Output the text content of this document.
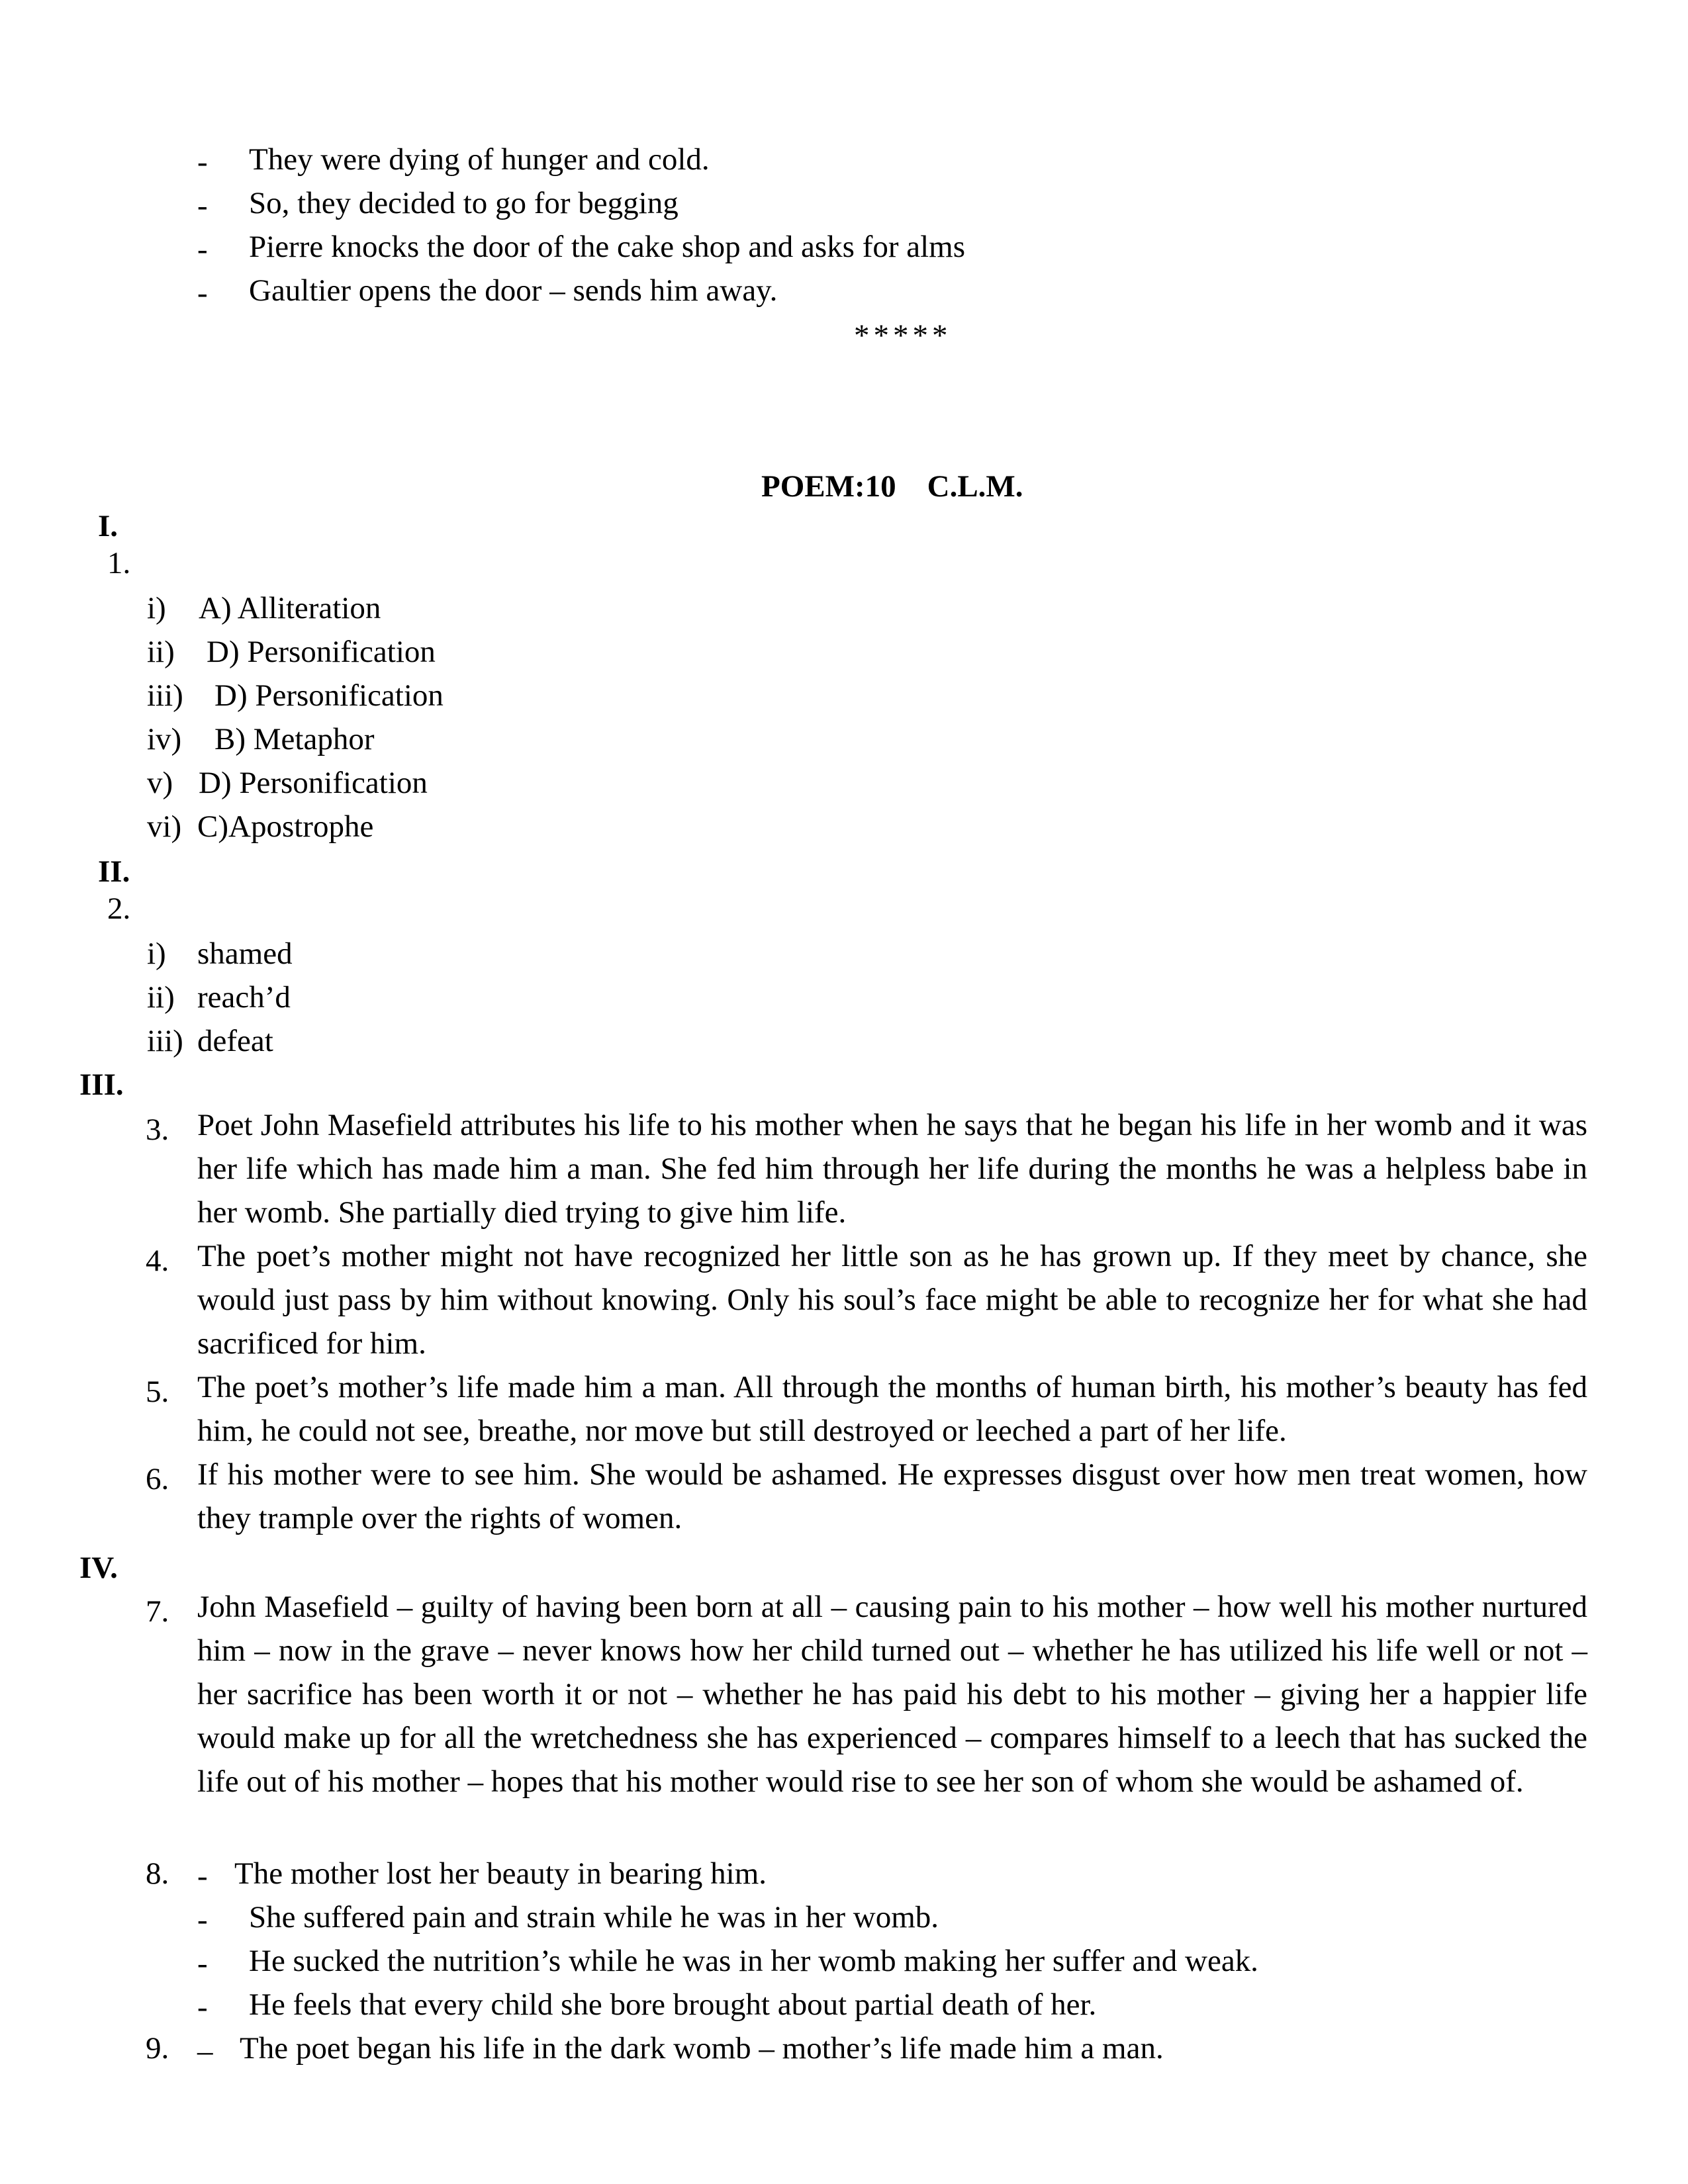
- They were dying of hunger and cold.
- So, they decided to go for begging
- Pierre knocks the door of the cake shop and asks for alms
- Gaultier opens the door – sends him away.
*****
POEM:10    C.L.M.
I.
1.
i) A) Alliteration
ii) D) Personification
iii) D) Personification
iv) B) Metaphor
v) D) Personification
vi) C)Apostrophe
II.
2.
i) shamed
ii) reach’d
iii) defeat
III.
3. Poet John Masefield attributes his life to his mother when he says that he began his life in her womb and it was her life which has made him a man. She fed him through her life during the months he was a helpless babe in her womb. She partially died trying to give him life.
4. The poet’s mother might not have recognized her little son as he has grown up. If they meet by chance, she would just pass by him without knowing. Only his soul’s face might be able to recognize her for what she had sacrificed for him.
5. The poet’s mother’s life made him a man. All through the months of human birth, his mother’s beauty has fed him, he could not see, breathe, nor move but still destroyed or leeched a part of her life.
6. If his mother were to see him. She would be ashamed. He expresses disgust over how men treat women, how they trample over the rights of women.
IV.
7. John Masefield – guilty of having been born at all – causing pain to his mother – how well his mother nurtured him – now in the grave – never knows how her child turned out – whether he has utilized his life well or not – her sacrifice has been worth it or not – whether he has paid his debt to his mother – giving her a happier life would make up for all the wretchedness she has experienced – compares himself to a leech that has sucked the life out of his mother – hopes that his mother would rise to see her son of whom she would be ashamed of.
8. - The mother lost her beauty in bearing him.
- She suffered pain and strain while he was in her womb.
- He sucked the nutrition’s while he was in her womb making her suffer and weak.
- He feels that every child she bore brought about partial death of her.
9. – The poet began his life in the dark womb – mother’s life made him a man.
